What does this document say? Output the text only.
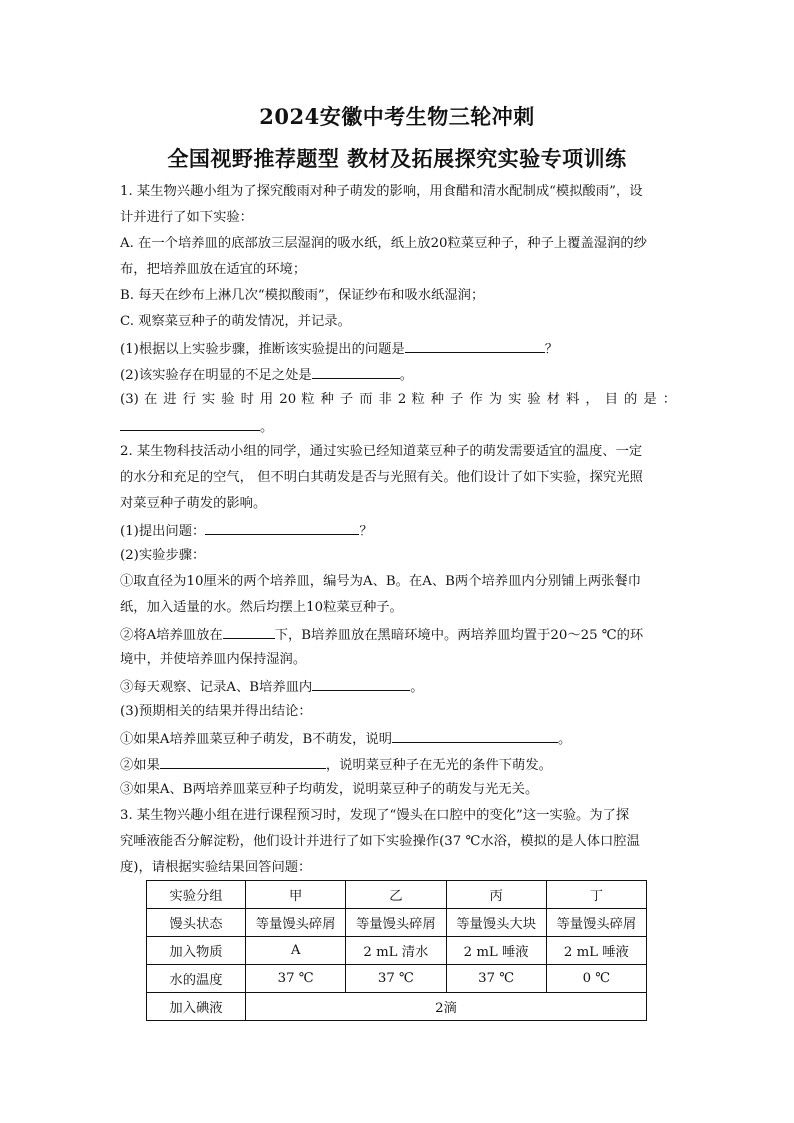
2024安徽中考生物三轮冲刺
全国视野推荐题型 教材及拓展探究实验专项训练
1. 某生物兴趣小组为了探究酸雨对种子萌发的影响，用食醋和清水配制成“模拟酸雨”，设
计并进行了如下实验：
A. 在一个培养皿的底部放三层湿润的吸水纸，纸上放20粒菜豆种子，种子上覆盖湿润的纱
布，把培养皿放在适宜的环境；
B. 每天在纱布上淋几次“模拟酸雨”，保证纱布和吸水纸湿润；
C. 观察菜豆种子的萌发情况，并记录。
(1)根据以上实验步骤，推断该实验提出的问题是	？
(2)该实验存在明显的不足之处是	。
(3) 在 进 行 实 验 时 用 20 粒 种 子 而 非 2 粒 种 子 作 为 实 验 材 料 ， 目 的 是 ：
。
2. 某生物科技活动小组的同学，通过实验已经知道菜豆种子的萌发需要适宜的温度、一定
的水分和充足的空气， 但不明白其萌发是否与光照有关。他们设计了如下实验，探究光照
对菜豆种子萌发的影响。
(1)提出问题：	？
(2)实验步骤：
①取直径为10厘米的两个培养皿，编号为A、B。在A、B两个培养皿内分别铺上两张餐巾
纸，加入适量的水。然后均摆上10粒菜豆种子。
②将A培养皿放在	下，B培养皿放在黑暗环境中。两培养皿均置于20～25 ℃的环
境中，并使培养皿内保持湿润。
③每天观察、记录A、B培养皿内	。
(3)预期相关的结果并得出结论：
①如果A培养皿菜豆种子萌发，B不萌发，说明	。
②如果	，说明菜豆种子在无光的条件下萌发。
③如果A、B两培养皿菜豆种子均萌发，说明菜豆种子的萌发与光无关。
3. 某生物兴趣小组在进行课程预习时，发现了“馒头在口腔中的变化”这一实验。为了探
究唾液能否分解淀粉，他们设计并进行了如下实验操作(37 ℃水浴，模拟的是人体口腔温
度)，请根据实验结果回答问题：
实验分组	甲	乙	丙	丁
馒头状态	等量馒头碎屑	等量馒头碎屑	等量馒头大块	等量馒头碎屑
加入物质	A	2 mL 清水	2 mL 唾液	2 mL 唾液
水的温度	37 ℃	37 ℃	37 ℃	0 ℃
加入碘液	2滴			
